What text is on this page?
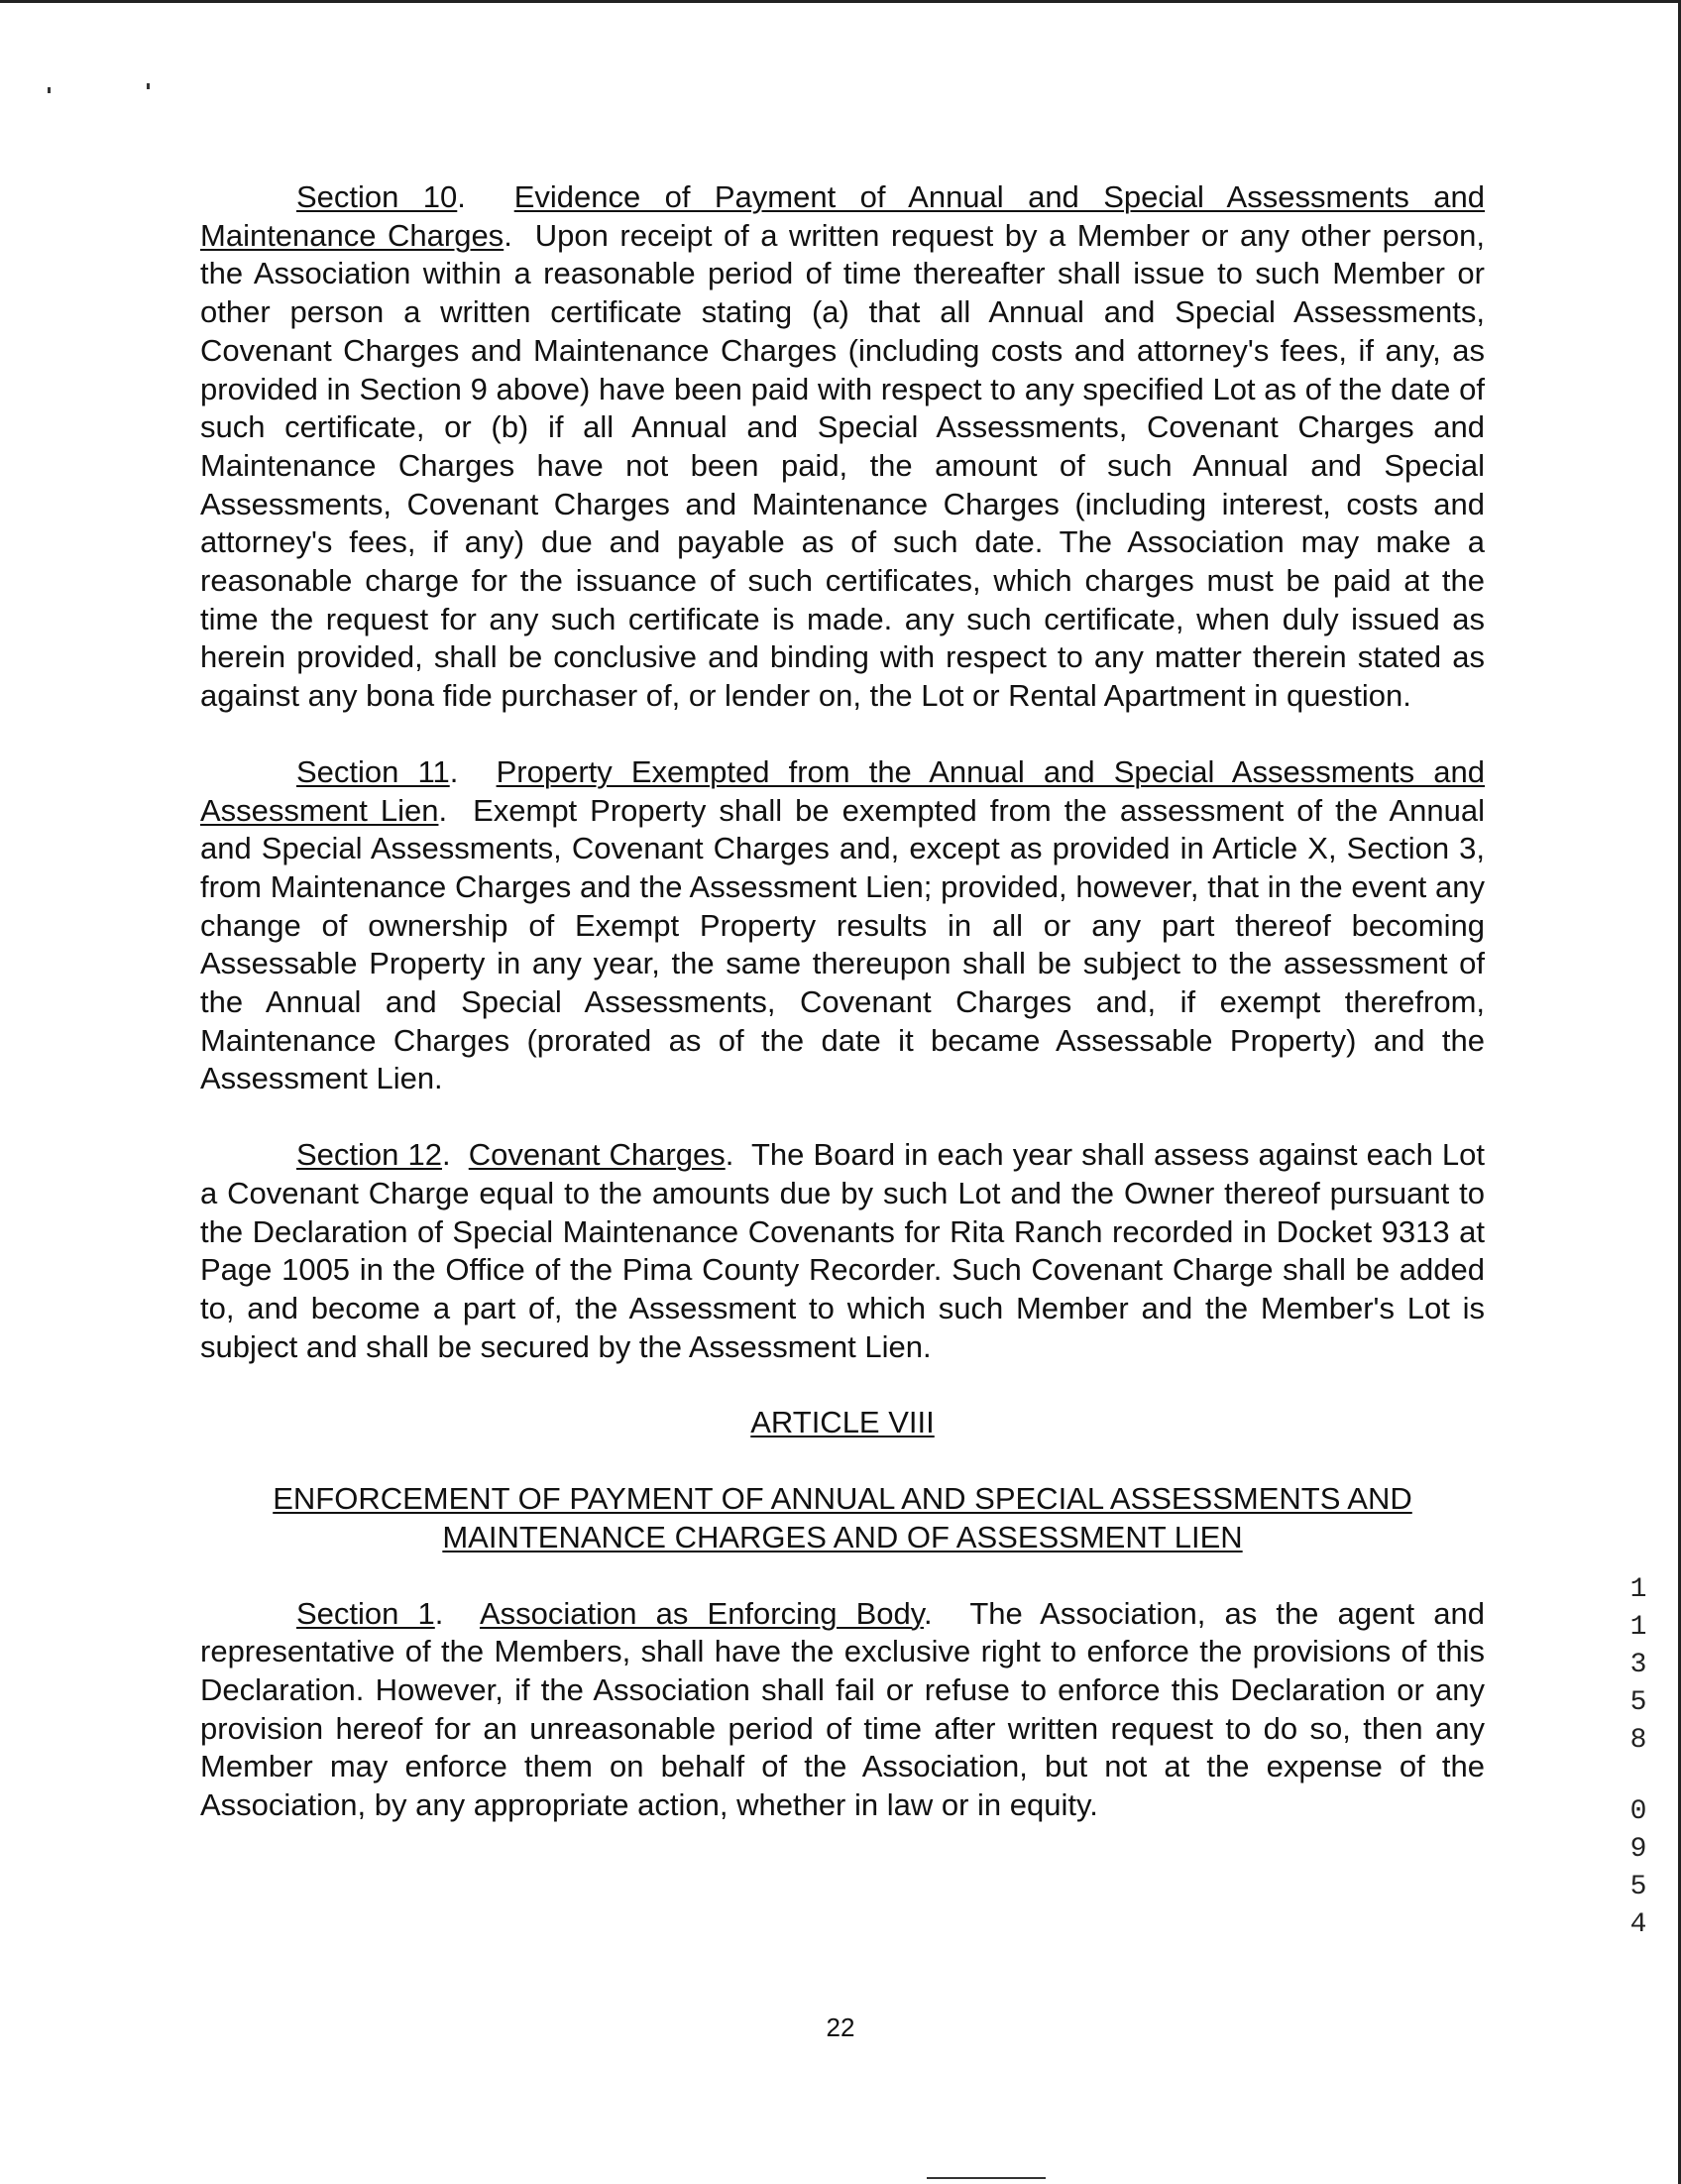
Section 10.  Evidence of Payment of Annual and Special Assessments and Maintenance Charges.  Upon receipt of a written request by a Member or any other person, the Association within a reasonable period of time thereafter shall issue to such Member or other person a written certificate stating (a) that all Annual and Special Assessments, Covenant Charges and Maintenance Charges (including costs and attorney's fees, if any, as provided in Section 9 above) have been paid with respect to any specified Lot as of the date of such certificate, or (b) if all Annual and Special Assessments, Covenant Charges and Maintenance Charges have not been paid, the amount of such Annual and Special Assessments, Covenant Charges and Maintenance Charges (including interest, costs and attorney's fees, if any) due and payable as of such date. The Association may make a reasonable charge for the issuance of such certificates, which charges must be paid at the time the request for any such certificate is made. any such certificate, when duly issued as herein provided, shall be conclusive and binding with respect to any matter therein stated as against any bona fide purchaser of, or lender on, the Lot or Rental Apartment in question.

Section 11.  Property Exempted from the Annual and Special Assessments and Assessment Lien.  Exempt Property shall be exempted from the assessment of the Annual and Special Assessments, Covenant Charges and, except as provided in Article X, Section 3, from Maintenance Charges and the Assessment Lien; provided, however, that in the event any change of ownership of Exempt Property results in all or any part thereof becoming Assessable Property in any year, the same thereupon shall be subject to the assessment of the Annual and Special Assessments, Covenant Charges and, if exempt therefrom, Maintenance Charges (prorated as of the date it became Assessable Property) and the Assessment Lien.

Section 12.  Covenant Charges.  The Board in each year shall assess against each Lot a Covenant Charge equal to the amounts due by such Lot and the Owner thereof pursuant to the Declaration of Special Maintenance Covenants for Rita Ranch recorded in Docket 9313 at Page 1005 in the Office of the Pima County Recorder. Such Covenant Charge shall be added to, and become a part of, the Assessment to which such Member and the Member's Lot is subject and shall be secured by the Assessment Lien.

ARTICLE VIII

ENFORCEMENT OF PAYMENT OF ANNUAL AND SPECIAL ASSESSMENTS AND
MAINTENANCE CHARGES AND OF ASSESSMENT LIEN

Section 1.  Association as Enforcing Body.  The Association, as the agent and representative of the Members, shall have the exclusive right to enforce the provisions of this Declaration. However, if the Association shall fail or refuse to enforce this Declaration or any provision hereof for an unreasonable period of time after written request to do so, then any Member may enforce them on behalf of the Association, but not at the expense of the Association, by any appropriate action, whether in law or in equity.

1
1
3
5
8
0
9
5
4
22
